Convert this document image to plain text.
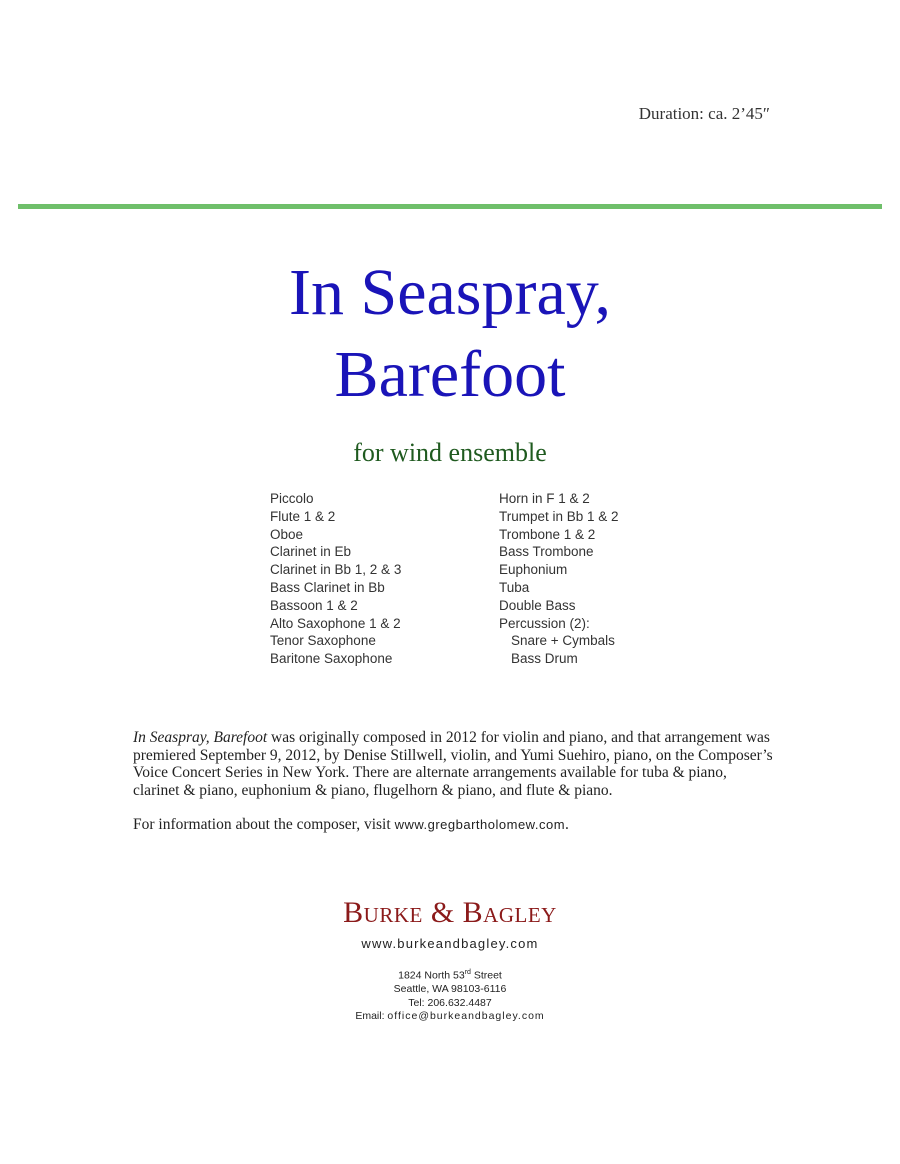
Duration: ca. 2’45″
In Seaspray,
Barefoot
for wind ensemble
Piccolo
Flute 1 & 2
Oboe
Clarinet in Eb
Clarinet in Bb 1, 2 & 3
Bass Clarinet in Bb
Bassoon 1 & 2
Alto Saxophone 1 & 2
Tenor Saxophone
Baritone Saxophone
Horn in F 1 & 2
Trumpet in Bb 1 & 2
Trombone 1 & 2
Bass Trombone
Euphonium
Tuba
Double Bass
Percussion (2):
Snare + Cymbals
Bass Drum

In Seaspray, Barefoot was originally composed in 2012 for violin and piano, and that arrangement was premiered September 9, 2012, by Denise Stillwell, violin, and Yumi Suehiro, piano, on the Composer’s Voice Concert Series in New York. There are alternate arrangements available for tuba & piano, clarinet & piano, euphonium & piano, flugelhorn & piano, and flute & piano.

For information about the composer, visit www.gregbartholomew.com.

Burke & Bagley
www.burkeandbagley.com
1824 North 53rd Street
Seattle, WA 98103-6116
Tel: 206.632.4487
Email: office@burkeandbagley.com
